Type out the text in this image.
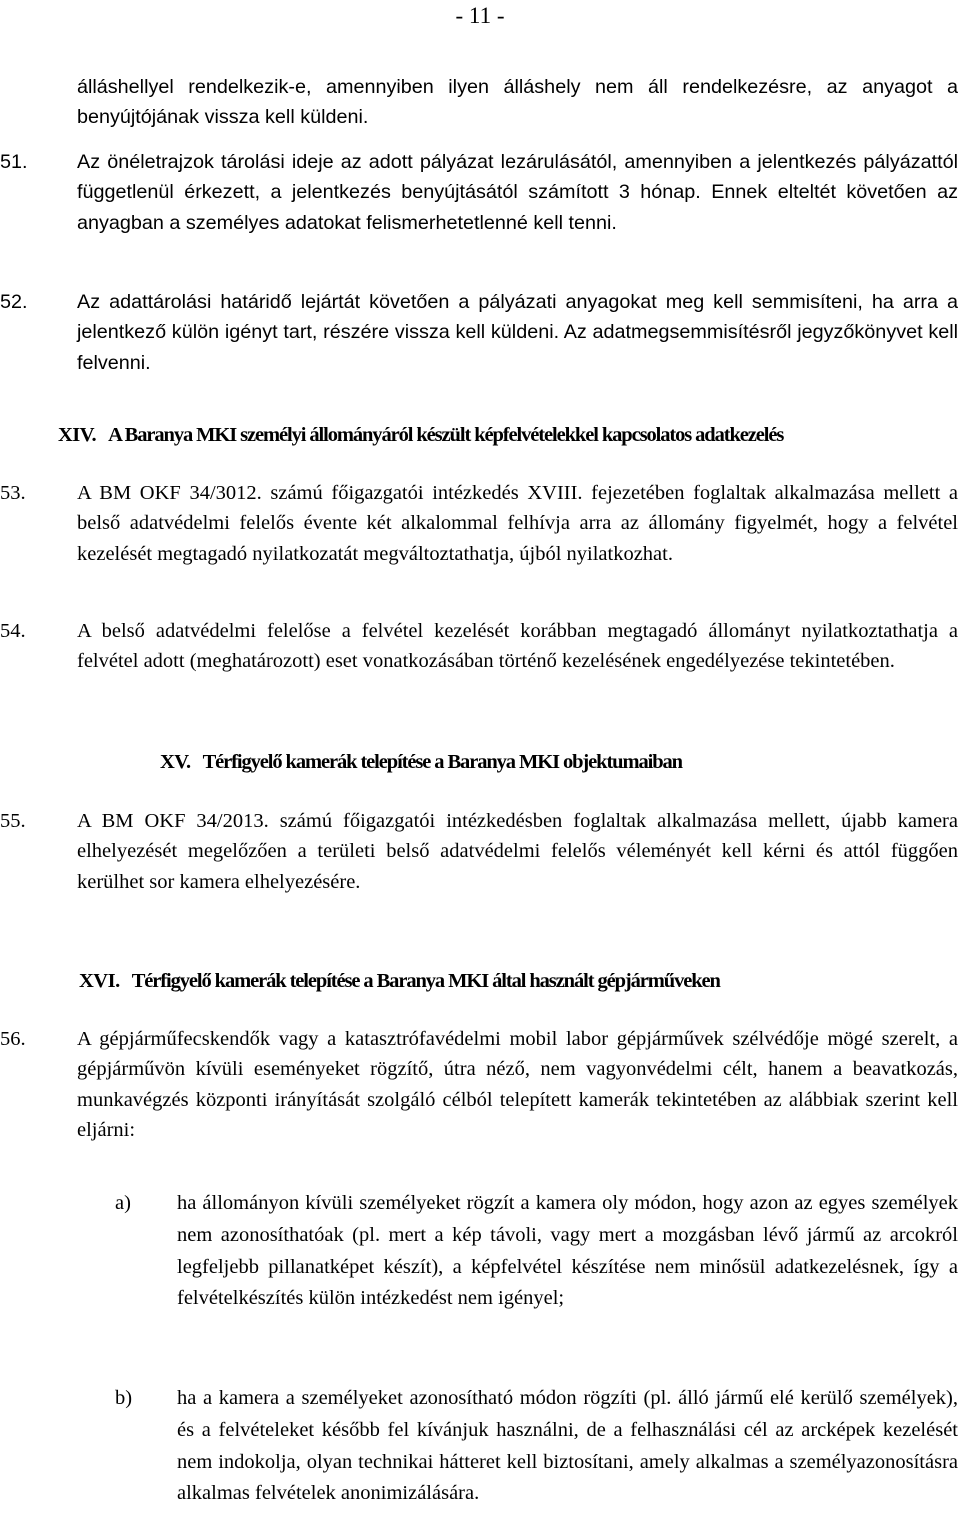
- 11 -
álláshellyel rendelkezik-e, amennyiben ilyen álláshely nem áll rendelkezésre, az anyagot a benyújtójának vissza kell küldeni.
51.	Az önéletrajzok tárolási ideje az adott pályázat lezárulásától, amennyiben a jelentkezés pályázattól függetlenül érkezett, a jelentkezés benyújtásától számított 3 hónap. Ennek elteltét követően az anyagban a személyes adatokat felismerhetetlenné kell tenni.
52.	Az adattárolási határidő lejártát követően a pályázati anyagokat meg kell semmisíteni, ha arra a jelentkező külön igényt tart, részére vissza kell küldeni. Az adatmegsemmisítésről jegyzőkönyvet kell felvenni.
XIV. A Baranya MKI személyi állományáról készült képfelvételekkel kapcsolatos adatkezelés
53.	A BM OKF 34/3012. számú főigazgatói intézkedés XVIII. fejezetében foglaltak alkalmazása mellett a belső adatvédelmi felelős évente két alkalommal felhívja arra az állomány figyelmét, hogy a felvétel kezelését megtagadó nyilatkozatát megváltoztathatja, újból nyilatkozhat.
54.	A belső adatvédelmi felelőse a felvétel kezelését korábban megtagadó állományt nyilatkoztathatja a felvétel adott (meghatározott) eset vonatkozásában történő kezelésének engedélyezése tekintetében.
XV. Térfigyelő kamerák telepítése a Baranya MKI objektumaiban
55.	A BM OKF 34/2013. számú főigazgatói intézkedésben foglaltak alkalmazása mellett, újabb kamera elhelyezését megelőzően a területi belső adatvédelmi felelős véleményét kell kérni és attól függően kerülhet sor kamera elhelyezésére.
XVI. Térfigyelő kamerák telepítése a Baranya MKI által használt gépjárműveken
56.	A gépjárműfecskendők vagy a katasztrófavédelmi mobil labor gépjárművek szélvédője mögé szerelt, a gépjárművön kívüli eseményeket rögzítő, útra néző, nem vagyonvédelmi célt, hanem a beavatkozás, munkavégzés központi irányítását szolgáló célból telepített kamerák tekintetében az alábbiak szerint kell eljárni:
a) ha állományon kívüli személyeket rögzít a kamera oly módon, hogy azon az egyes személyek nem azonosíthatóak (pl. mert a kép távoli, vagy mert a mozgásban lévő jármű az arcokról legfeljebb pillanatképet készít), a képfelvétel készítése nem minősül adatkezelésnek, így a felvételkészítés külön intézkedést nem igényel;
b) ha a kamera a személyeket azonosítható módon rögzíti (pl. álló jármű elé kerülő személyek), és a felvételeket később fel kívánjuk használni, de a felhasználási cél az arcképek kezelését nem indokolja, olyan technikai hátteret kell biztosítani, amely alkalmas a személyazonosításra alkalmas felvételek anonimizálására.
